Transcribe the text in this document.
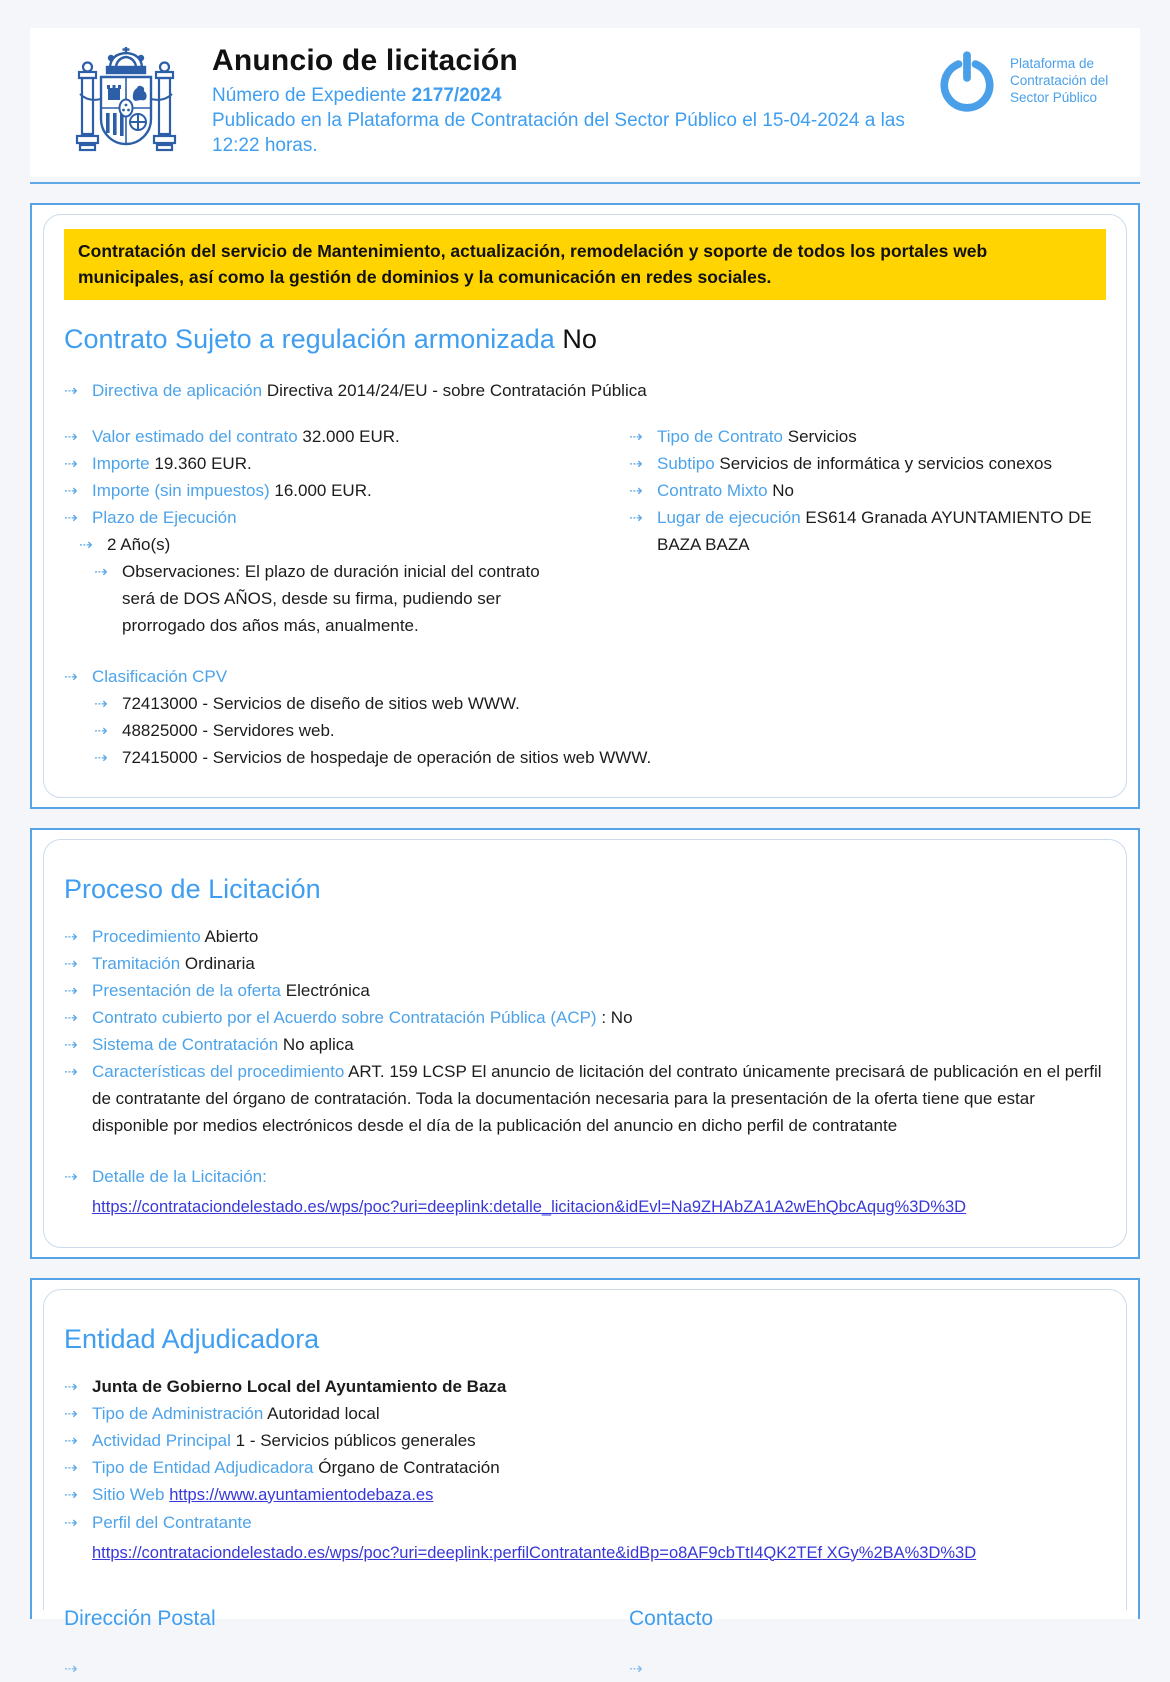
Anuncio de licitación
Número de Expediente 2177/2024
Publicado en la Plataforma de Contratación del Sector Público el 15-04-2024 a las 12:22 horas.
Plataforma de Contratación del Sector Público
Contratación del servicio de Mantenimiento, actualización, remodelación y soporte de todos los portales web municipales, así como la gestión de dominios y la comunicación en redes sociales.
Contrato Sujeto a regulación armonizada No
⇢ Directiva de aplicación Directiva 2014/24/EU - sobre Contratación Pública
⇢ Valor estimado del contrato 32.000 EUR.
⇢ Importe 19.360 EUR.
⇢ Importe (sin impuestos) 16.000 EUR.
⇢ Plazo de Ejecución
⇢ 2 Año(s)
⇢ Observaciones: El plazo de duración inicial del contrato será de DOS AÑOS, desde su firma, pudiendo ser prorrogado dos años más, anualmente.
⇢ Tipo de Contrato Servicios
⇢ Subtipo Servicios de informática y servicios conexos
⇢ Contrato Mixto No
⇢ Lugar de ejecución ES614 Granada AYUNTAMIENTO DE BAZA BAZA
⇢ Clasificación CPV
⇢ 72413000 - Servicios de diseño de sitios web WWW.
⇢ 48825000 - Servidores web.
⇢ 72415000 - Servicios de hospedaje de operación de sitios web WWW.
Proceso de Licitación
⇢ Procedimiento Abierto
⇢ Tramitación Ordinaria
⇢ Presentación de la oferta Electrónica
⇢ Contrato cubierto por el Acuerdo sobre Contratación Pública (ACP) : No
⇢ Sistema de Contratación No aplica
⇢ Características del procedimiento ART. 159 LCSP El anuncio de licitación del contrato únicamente precisará de publicación en el perfil de contratante del órgano de contratación. Toda la documentación necesaria para la presentación de la oferta tiene que estar disponible por medios electrónicos desde el día de la publicación del anuncio en dicho perfil de contratante
⇢ Detalle de la Licitación:
https://contrataciondelestado.es/wps/poc?uri=deeplink:detalle_licitacion&idEvl=Na9ZHAbZA1A2wEhQbcAqug%3D%3D
Entidad Adjudicadora
⇢ Junta de Gobierno Local del Ayuntamiento de Baza
⇢ Tipo de Administración Autoridad local
⇢ Actividad Principal 1 - Servicios públicos generales
⇢ Tipo de Entidad Adjudicadora Órgano de Contratación
⇢ Sitio Web https://www.ayuntamientodebaza.es
⇢ Perfil del Contratante
https://contrataciondelestado.es/wps/poc?uri=deeplink:perfilContratante&idBp=o8AF9cbTtI4QK2TEf XGy%2BA%3D%3D
Dirección Postal	Contacto
⇢	⇢
